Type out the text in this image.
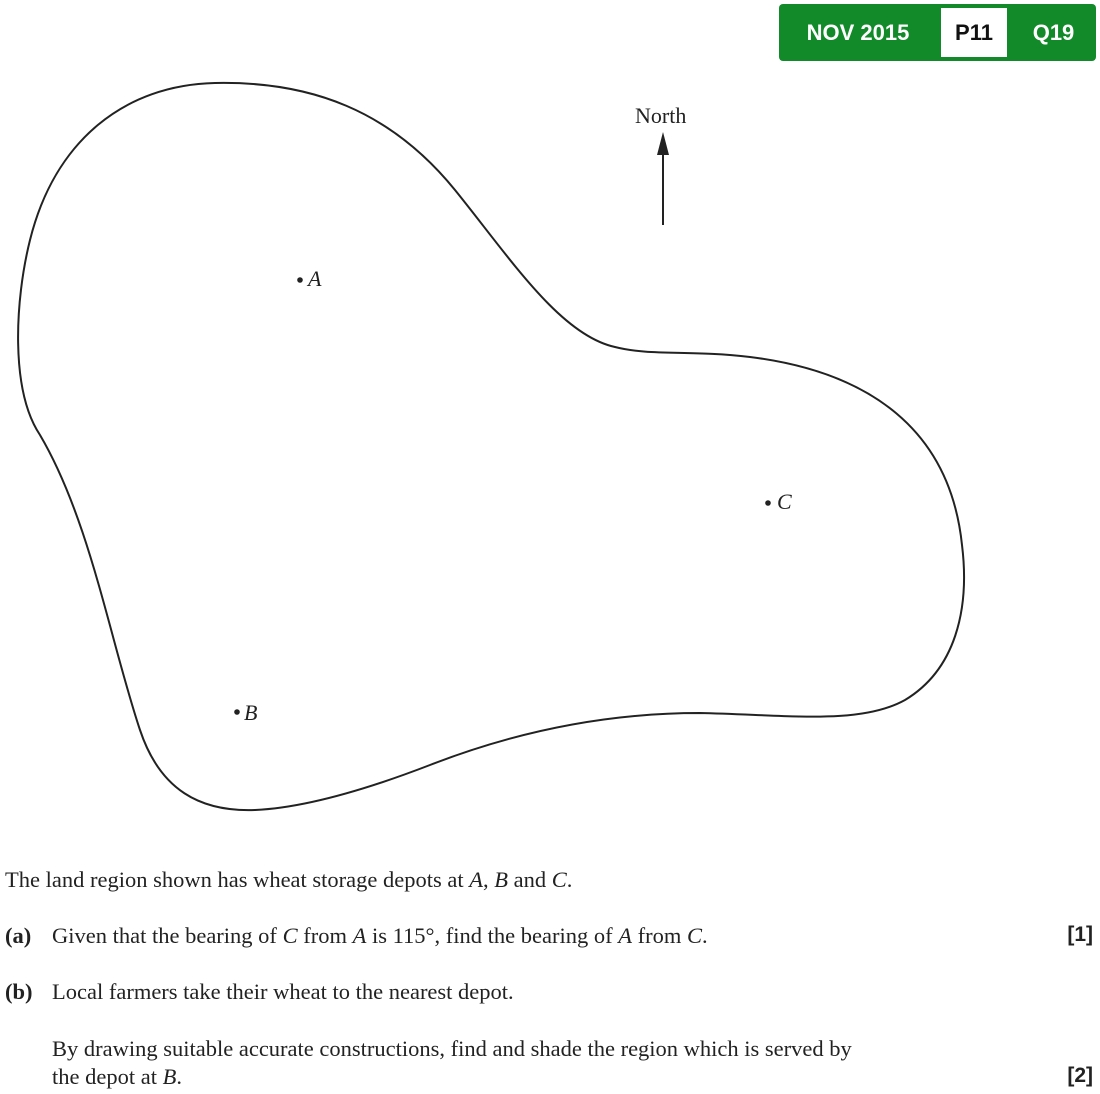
NOV 2015	P11	Q19
North
A
B
C
The land region shown has wheat storage depots at A, B and C.
(a) Given that the bearing of C from A is 115°, find the bearing of A from C.	[1]
(b) Local farmers take their wheat to the nearest depot.
By drawing suitable accurate constructions, find and shade the region which is served by
the depot at B.	[2]
